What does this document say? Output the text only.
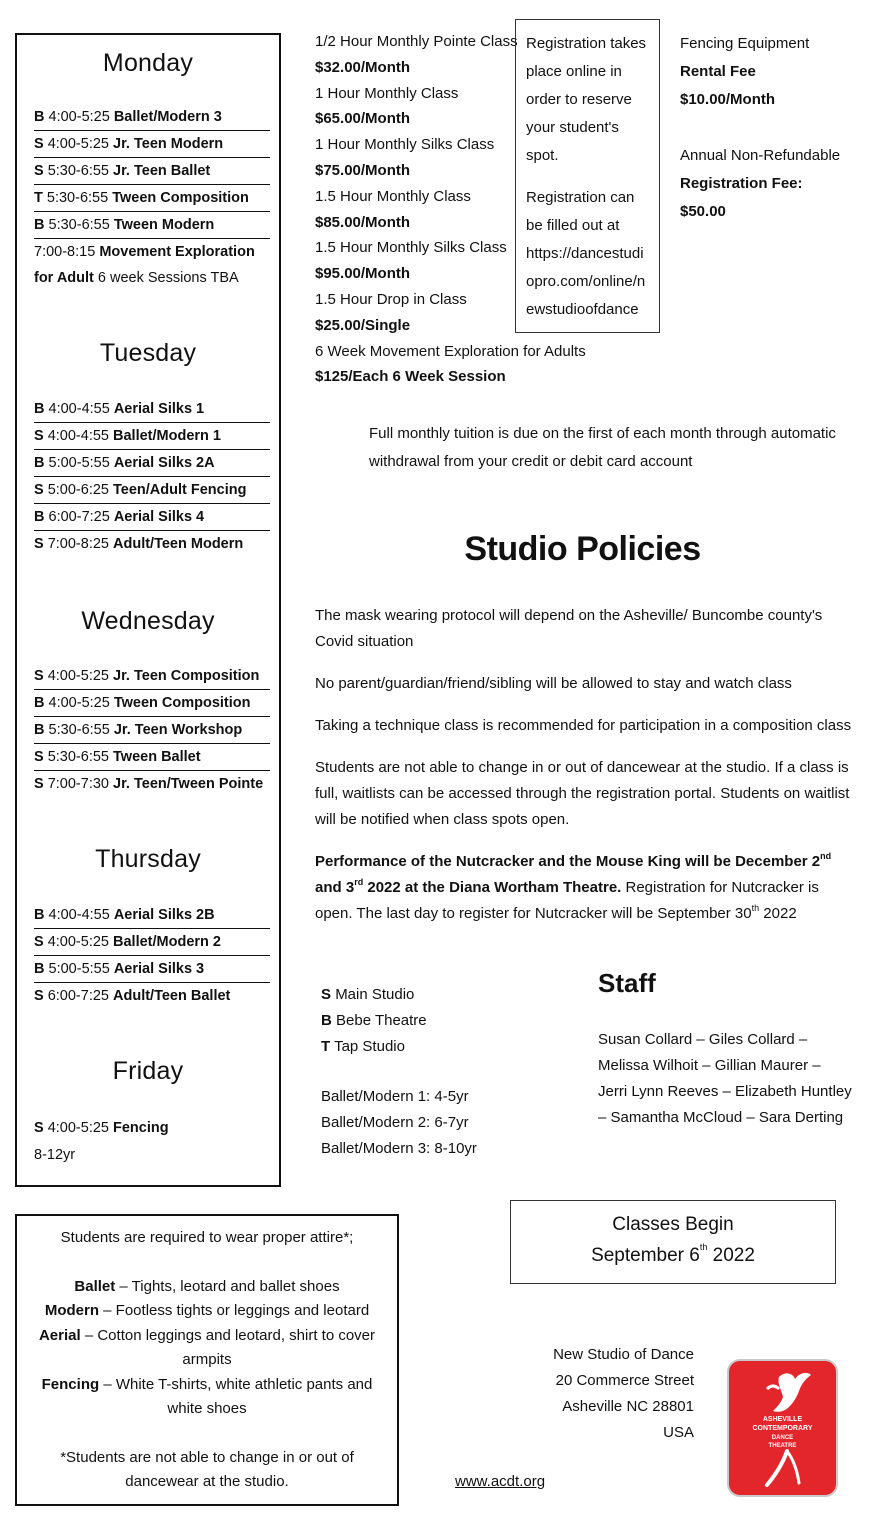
Monday
B 4:00-5:25 Ballet/Modern 3
S 4:00-5:25 Jr. Teen Modern
S 5:30-6:55 Jr. Teen Ballet
T 5:30-6:55 Tween Composition
B 5:30-6:55 Tween Modern
7:00-8:15 Movement Exploration for Adult 6 week Sessions TBA
Tuesday
B 4:00-4:55 Aerial Silks 1
S 4:00-4:55 Ballet/Modern 1
B 5:00-5:55 Aerial Silks 2A
S 5:00-6:25 Teen/Adult Fencing
B 6:00-7:25 Aerial Silks 4
S 7:00-8:25 Adult/Teen Modern
Wednesday
S 4:00-5:25 Jr. Teen Composition
B 4:00-5:25 Tween Composition
B 5:30-6:55 Jr. Teen Workshop
S 5:30-6:55 Tween Ballet
S 7:00-7:30 Jr. Teen/Tween Pointe
Thursday
B 4:00-4:55 Aerial Silks 2B
S 4:00-5:25 Ballet/Modern 2
B 5:00-5:55 Aerial Silks 3
S 6:00-7:25 Adult/Teen Ballet
Friday
S 4:00-5:25 Fencing
8-12yr
1/2 Hour Monthly Pointe Class
$32.00/Month
1 Hour Monthly Class
$65.00/Month
1 Hour Monthly Silks Class
$75.00/Month
1.5 Hour Monthly Class
$85.00/Month
1.5 Hour Monthly Silks Class
$95.00/Month
1.5 Hour Drop in Class
$25.00/Single
6 Week Movement Exploration for Adults
$125/Each 6 Week Session

Registration takes place online in order to reserve your student's spot.

Registration can be filled out at
https://dancestudi
opro.com/online/n
ewstudioofdance

Fencing Equipment
Rental Fee
$10.00/Month
Annual Non-Refundable
Registration Fee:
$50.00
Full monthly tuition is due on the first of each month through automatic withdrawal from your credit or debit card account
Studio Policies

The mask wearing protocol will depend on the Asheville/ Buncombe county's Covid situation

No parent/guardian/friend/sibling will be allowed to stay and watch class

Taking a technique class is recommended for participation in a composition class

Students are not able to change in or out of dancewear at the studio. If a class is full, waitlists can be accessed through the registration portal. Students on waitlist will be notified when class spots open.

Performance of the Nutcracker and the Mouse King will be December 2nd and 3rd 2022 at the Diana Wortham Theatre. Registration for Nutcracker is open. The last day to register for Nutcracker will be September 30th 2022

S Main Studio
B Bebe Theatre
T Tap Studio
Ballet/Modern 1: 4-5yr
Ballet/Modern 2: 6-7yr
Ballet/Modern 3: 8-10yr
Staff
Susan Collard – Giles Collard – Melissa Wilhoit – Gillian Maurer – Jerri Lynn Reeves – Elizabeth Huntley – Samantha McCloud – Sara Derting
Students are required to wear proper attire*;
Ballet – Tights, leotard and ballet shoes
Modern – Footless tights or leggings and leotard
Aerial – Cotton leggings and leotard, shirt to cover armpits
Fencing – White T-shirts, white athletic pants and white shoes
*Students are not able to change in or out of dancewear at the studio.
Classes Begin
September 6th 2022
New Studio of Dance
20 Commerce Street
Asheville NC 28801
USA
www.acdt.org
ASHEVILLE
CONTEMPORARY
DANCE
THEATRE
